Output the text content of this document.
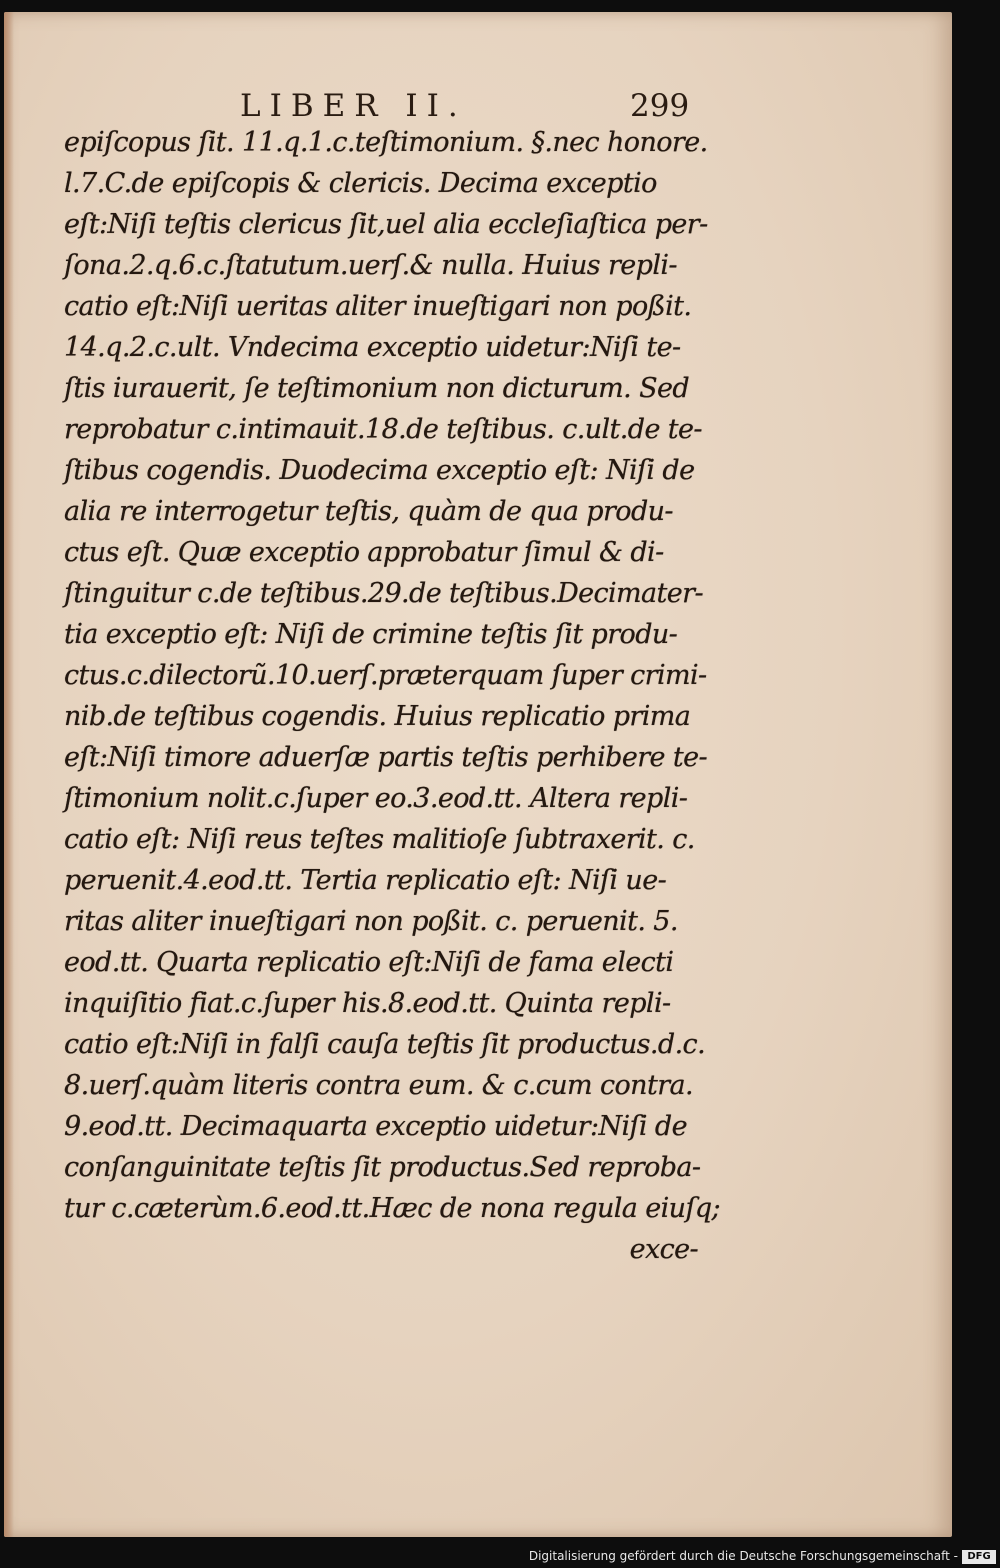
LIBER II.	299
epiſcopus ſit. 11.q.1.c.teſtimonium. §.nec honore.
l.7.C.de epiſcopis & clericis. Decima exceptio
eſt:Niſi teſtis clericus ſit,uel alia eccleſiaſtica per-
ſona.2.q.6.c.ſtatutum.uerſ.& nulla. Huius repli-
catio eſt:Niſi ueritas aliter inueſtigari non poßit.
14.q.2.c.ult. Vndecima exceptio uidetur:Niſi te-
ſtis iurauerit, ſe teſtimonium non dicturum. Sed
reprobatur c.intimauit.18.de teſtibus. c.ult.de te-
ſtibus cogendis. Duodecima exceptio eſt: Niſi de
alia re interrogetur teſtis, quàm de qua produ-
ctus eſt. Quæ exceptio approbatur ſimul & di-
ſtinguitur c.de teſtibus.29.de teſtibus.Decimater-
tia exceptio eſt: Niſi de crimine teſtis ſit produ-
ctus.c.dilectorũ.10.uerſ.præterquam ſuper crimi-
nib.de teſtibus cogendis. Huius replicatio prima
eſt:Niſi timore aduerſæ partis teſtis perhibere te-
ſtimonium nolit.c.ſuper eo.3.eod.tt. Altera repli-
catio eſt: Niſi reus teſtes malitioſe ſubtraxerit. c.
peruenit.4.eod.tt. Tertia replicatio eſt: Niſi ue-
ritas aliter inueſtigari non poßit. c. peruenit. 5.
eod.tt. Quarta replicatio eſt:Niſi de fama electi
inquiſitio fiat.c.ſuper his.8.eod.tt. Quinta repli-
catio eſt:Niſi in falſi cauſa teſtis ſit productus.d.c.
8.uerſ.quàm literis contra eum. & c.cum contra.
9.eod.tt. Decimaquarta exceptio uidetur:Niſi de
conſanguinitate teſtis ſit productus.Sed reproba-
tur c.cæterùm.6.eod.tt.Hæc de nona regula eiuſq;
exce-
Digitalisierung gefördert durch die Deutsche Forschungsgemeinschaft - DFG
